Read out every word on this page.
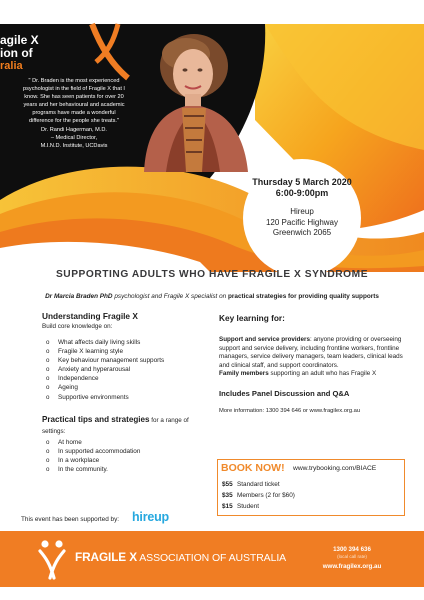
agile X
ion of
ralia
" Dr. Braden is the most experienced psychologist in the field of Fragile X that I know. She has seen patients for over 20 years and her behavioural and academic programs have made a wonderful difference for the people she treats."
Dr. Randi Hagerman, M.D.
– Medical Director,
M.I.N.D. Institute, UCDavis
Thursday 5 March 2020
6:00-9:00pm
Hireup
120 Pacific Highway
Greenwich 2065
SUPPORTING ADULTS WHO HAVE FRAGILE X SYNDROME
Dr Marcia Braden PhD psychologist and Fragile X specialist on practical strategies for providing quality supports
Understanding Fragile X
Build core knowledge on:
o	What affects daily living skills
o	Fragile X learning style
o	Key behaviour management supports
o	Anxiety and hyperarousal
o	Independence
o	Ageing
o	Supportive environments
Practical tips and strategies for a range of settings:
o	At home
o	In supported accommodation
o	In a workplace
o	In the community.
Key learning for:
Support and service providers: anyone providing or overseeing support and service delivery, including frontline workers, frontline managers, service delivery managers, team leaders, clinical leads and clinical staff, and support coordinators.
Family members supporting an adult who has Fragile X
Includes Panel Discussion and Q&A
More information: 1300 394 646 or www.fragilex.org.au
BOOK NOW! www.trybooking.com/BIACE
$55 Standard ticket
$35 Members (2 for $60)
$15 Student
This event has been supported by: hireup
FRAGILE X ASSOCIATION OF AUSTRALIA
1300 394 636
(local call rate)
www.fragilex.org.au
